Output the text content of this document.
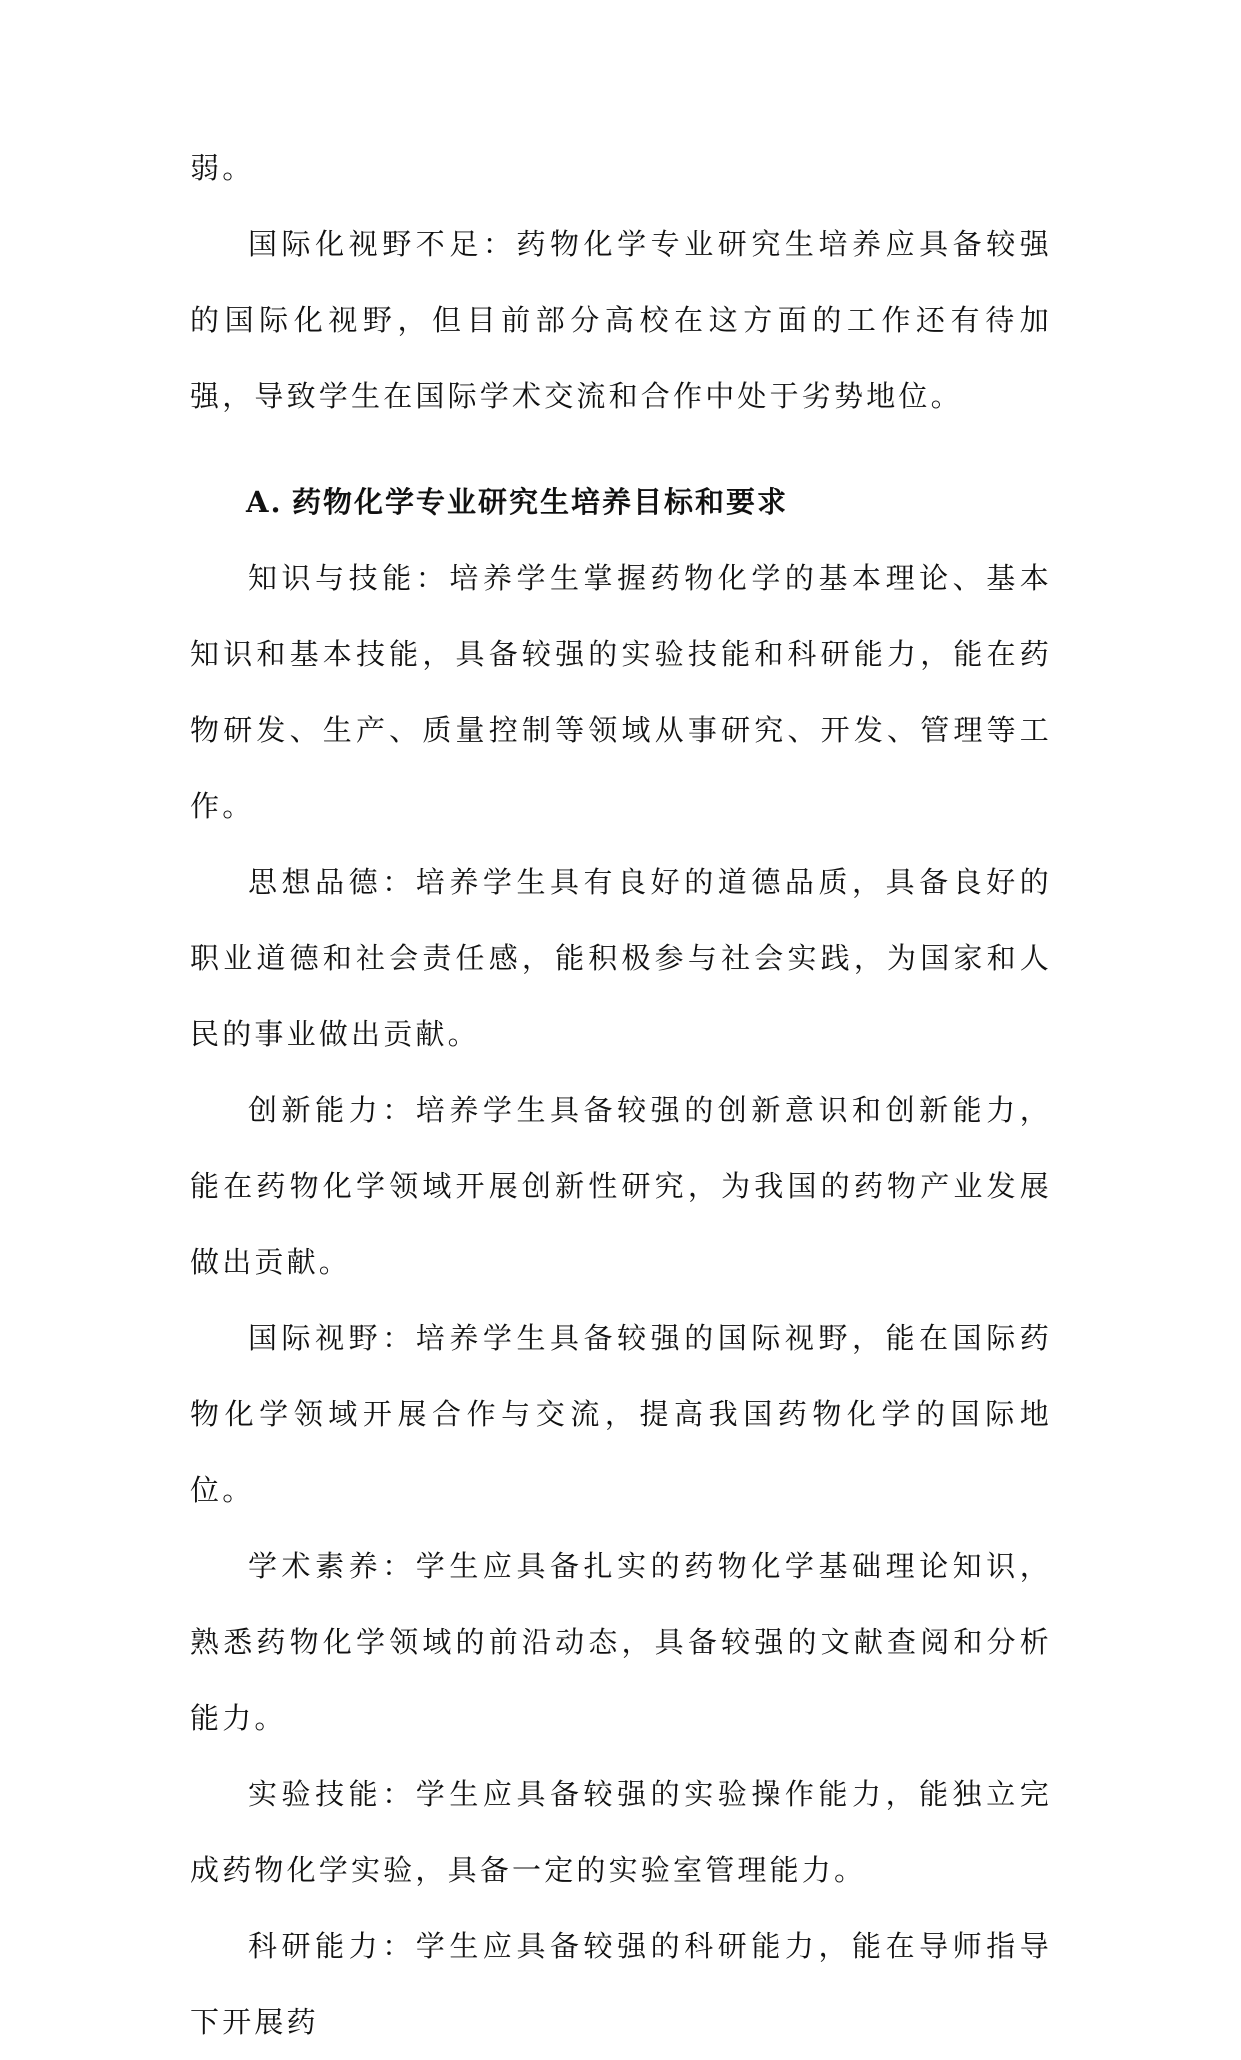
弱。

国际化视野不足：药物化学专业研究生培养应具备较强的国际化视野，但目前部分高校在这方面的工作还有待加强，导致学生在国际学术交流和合作中处于劣势地位。

A. 药物化学专业研究生培养目标和要求

知识与技能：培养学生掌握药物化学的基本理论、基本知识和基本技能，具备较强的实验技能和科研能力，能在药物研发、生产、质量控制等领域从事研究、开发、管理等工作。

思想品德：培养学生具有良好的道德品质，具备良好的职业道德和社会责任感，能积极参与社会实践，为国家和人民的事业做出贡献。

创新能力：培养学生具备较强的创新意识和创新能力，能在药物化学领域开展创新性研究，为我国的药物产业发展做出贡献。

国际视野：培养学生具备较强的国际视野，能在国际药物化学领域开展合作与交流，提高我国药物化学的国际地位。

学术素养：学生应具备扎实的药物化学基础理论知识，熟悉药物化学领域的前沿动态，具备较强的文献查阅和分析能力。

实验技能：学生应具备较强的实验操作能力，能独立完成药物化学实验，具备一定的实验室管理能力。

科研能力：学生应具备较强的科研能力，能在导师指导下开展药
